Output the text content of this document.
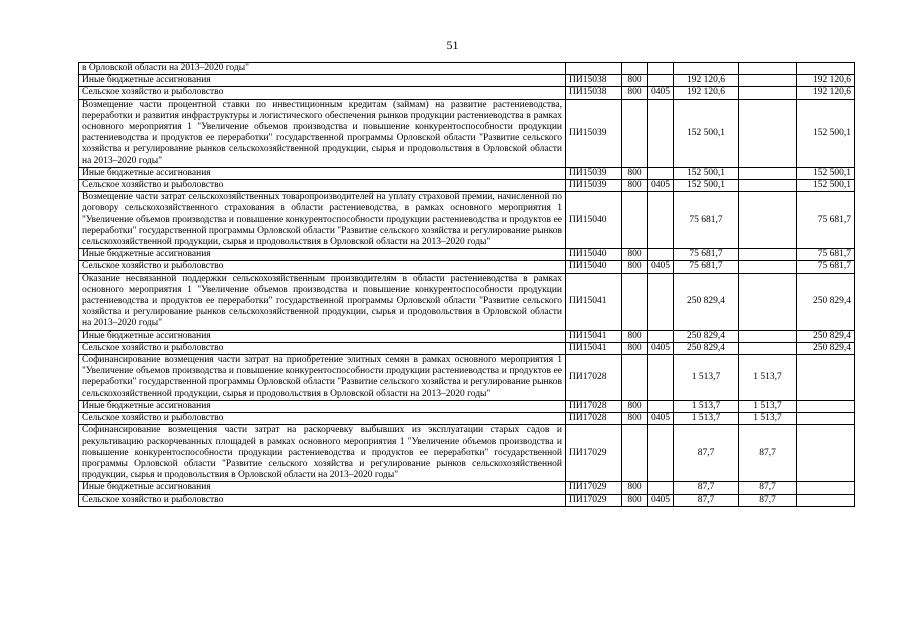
51
в Орловской области на 2013–2020 годы"						
Иные бюджетные ассигнования	ПИ15038	800		192 120,6		192 120,6
Сельское хозяйство и рыболовство	ПИ15038	800	0405	192 120,6		192 120,6
Возмещение части процентной ставки по инвестиционным кредитам (займам) на развитие растениеводства, переработки и развития инфраструктуры и логистического обеспечения рынков продукции растениеводства в рамках основного мероприятия 1 "Увеличение объемов производства и повышение конкурентоспособности продукции растениеводства и продуктов ее переработки" государственной программы Орловской области "Развитие сельского хозяйства и регулирование рынков сельскохозяйственной продукции, сырья и продовольствия в Орловской области на 2013–2020 годы"	ПИ15039			152 500,1		152 500,1
Иные бюджетные ассигнования	ПИ15039	800		152 500,1		152 500,1
Сельское хозяйство и рыболовство	ПИ15039	800	0405	152 500,1		152 500,1
Возмещение части затрат сельскохозяйственных товаропроизводителей на уплату страховой премии, начисленной по договору сельскохозяйственного страхования в области растениеводства, в рамках основного мероприятия 1 "Увеличение объемов производства и повышение конкурентоспособности продукции растениеводства и продуктов ее переработки" государственной программы Орловской области "Развитие сельского хозяйства и регулирование рынков сельскохозяйственной продукции, сырья и продовольствия в Орловской области на 2013–2020 годы"	ПИ15040			75 681,7		75 681,7
Иные бюджетные ассигнования	ПИ15040	800		75 681,7		75 681,7
Сельское хозяйство и рыболовство	ПИ15040	800	0405	75 681,7		75 681,7
Оказание несвязанной поддержки сельскохозяйственным производителям в области растениеводства в рамках основного мероприятия 1 "Увеличение объемов производства и повышение конкурентоспособности продукции растениеводства и продуктов ее переработки" государственной программы Орловской области "Развитие сельского хозяйства и регулирование рынков сельскохозяйственной продукции, сырья и продовольствия в Орловской области на 2013–2020 годы"	ПИ15041			250 829,4		250 829,4
Иные бюджетные ассигнования	ПИ15041	800		250 829,4		250 829,4
Сельское хозяйство и рыболовство	ПИ15041	800	0405	250 829,4		250 829,4
Софинансирование возмещения части затрат на приобретение элитных семян в рамках основного мероприятия 1 "Увеличение объемов производства и повышение конкурентоспособности продукции растениеводства и продуктов ее переработки" государственной программы Орловской области "Развитие сельского хозяйства и регулирование рынков сельскохозяйственной продукции, сырья и продовольствия в Орловской области на 2013–2020 годы"	ПИ17028			1 513,7	1 513,7	
Иные бюджетные ассигнования	ПИ17028	800		1 513,7	1 513,7	
Сельское хозяйство и рыболовство	ПИ17028	800	0405	1 513,7	1 513,7	
Софинансирование возмещения части затрат на раскорчевку выбывших из эксплуатации старых садов и рекультивацию раскорчеванных площадей в рамках основного мероприятия 1 "Увеличение объемов производства и повышение конкурентоспособности продукции растениеводства и продуктов ее переработки" государственной программы Орловской области "Развитие сельского хозяйства и регулирование рынков сельскохозяйственной продукции, сырья и продовольствия в Орловской области на 2013–2020 годы"	ПИ17029			87,7	87,7	
Иные бюджетные ассигнования	ПИ17029	800		87,7	87,7	
Сельское хозяйство и рыболовство	ПИ17029	800	0405	87,7	87,7	
